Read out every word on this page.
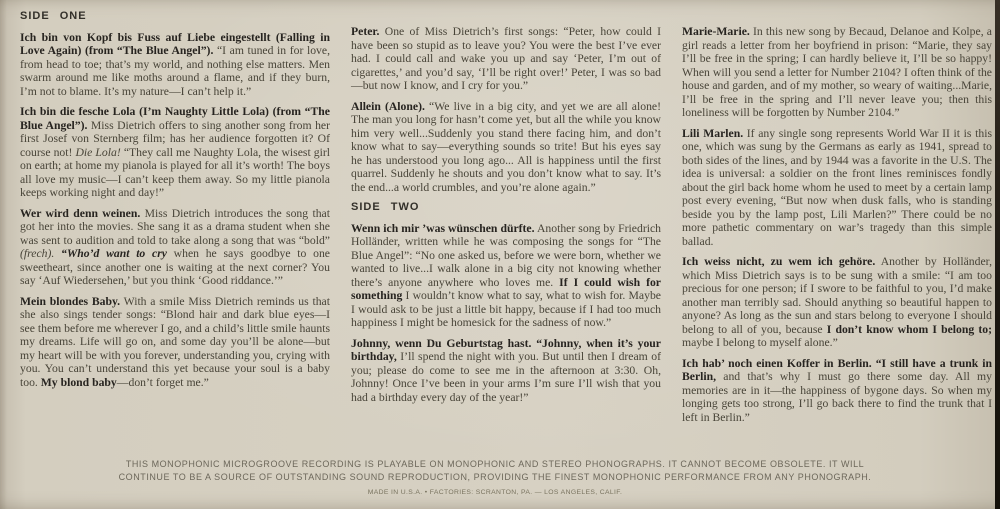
SIDE ONE

Ich bin von Kopf bis Fuss auf Liebe eingestellt (Falling in Love Again) (from “The Blue Angel”). “I am tuned in for love, from head to toe; that’s my world, and nothing else matters. Men swarm around me like moths around a flame, and if they burn, I’m not to blame. It’s my nature—I can’t help it.”

Ich bin die fesche Lola (I’m Naughty Little Lola) (from “The Blue Angel”). Miss Dietrich offers to sing another song from her first Josef von Sternberg film; has her audience forgotten it? Of course not! Die Lola! “They call me Naughty Lola, the wisest girl on earth; at home my pianola is played for all it’s worth! The boys all love my music—I can’t keep them away. So my little pianola keeps working night and day!”

Wer wird denn weinen. Miss Dietrich introduces the song that got her into the movies. She sang it as a drama student when she was sent to audition and told to take along a song that was “bold” (frech). “Who’d want to cry when he says goodbye to one sweetheart, since another one is waiting at the next corner? You say ‘Auf Wiedersehen,’ but you think ‘Good riddance.’”

Mein blondes Baby. With a smile Miss Dietrich reminds us that she also sings tender songs: “Blond hair and dark blue eyes—I see them before me wherever I go, and a child’s little smile haunts my dreams. Life will go on, and some day you’ll be alone—but my heart will be with you forever, understanding you, crying with you. You can’t understand this yet because your soul is a baby too. My blond baby—don’t forget me.”

Peter. One of Miss Dietrich’s first songs: “Peter, how could I have been so stupid as to leave you? You were the best I’ve ever had. I could call and wake you up and say ‘Peter, I’m out of cigarettes,’ and you’d say, ‘I’ll be right over!’ Peter, I was so bad—but now I know, and I cry for you.”

Allein (Alone). “We live in a big city, and yet we are all alone! The man you long for hasn’t come yet, but all the while you know him very well...Suddenly you stand there facing him, and don’t know what to say—everything sounds so trite! But his eyes say he has understood you long ago... All is happiness until the first quarrel. Suddenly he shouts and you don’t know what to say. It’s the end...a world crumbles, and you’re alone again.”

SIDE TWO

Wenn ich mir ’was wünschen dürfte. Another song by Friedrich Holländer, written while he was composing the songs for “The Blue Angel”: “No one asked us, before we were born, whether we wanted to live...I walk alone in a big city not knowing whether there’s anyone anywhere who loves me. If I could wish for something I wouldn’t know what to say, what to wish for. Maybe I would ask to be just a little bit happy, because if I had too much happiness I might be homesick for the sadness of now.”

Johnny, wenn Du Geburtstag hast. “Johnny, when it’s your birthday, I’ll spend the night with you. But until then I dream of you; please do come to see me in the afternoon at 3:30. Oh, Johnny! Once I’ve been in your arms I’m sure I’ll wish that you had a birthday every day of the year!”

Marie-Marie. In this new song by Becaud, Delanoe and Kolpe, a girl reads a letter from her boyfriend in prison: “Marie, they say I’ll be free in the spring; I can hardly believe it, I’ll be so happy! When will you send a letter for Number 2104? I often think of the house and garden, and of my mother, so weary of waiting...Marie, I’ll be free in the spring and I’ll never leave you; then this loneliness will be forgotten by Number 2104.”

Lili Marlen. If any single song represents World War II it is this one, which was sung by the Germans as early as 1941, spread to both sides of the lines, and by 1944 was a favorite in the U.S. The idea is universal: a soldier on the front lines reminisces fondly about the girl back home whom he used to meet by a certain lamp post every evening, “But now when dusk falls, who is standing beside you by the lamp post, Lili Marlen?” There could be no more pathetic commentary on war’s tragedy than this simple ballad.

Ich weiss nicht, zu wem ich gehöre. Another by Holländer, which Miss Dietrich says is to be sung with a smile: “I am too precious for one person; if I swore to be faithful to you, I’d make another man terribly sad. Should anything so beautiful happen to anyone? As long as the sun and stars belong to everyone I should belong to all of you, because I don’t know whom I belong to; maybe I belong to myself alone.”

Ich hab’ noch einen Koffer in Berlin. “I still have a trunk in Berlin, and that’s why I must go there some day. All my memories are in it—the happiness of bygone days. So when my longing gets too strong, I’ll go back there to find the trunk that I left in Berlin.”

THIS MONOPHONIC MICROGROOVE RECORDING IS PLAYABLE ON MONOPHONIC AND STEREO PHONOGRAPHS. IT CANNOT BECOME OBSOLETE. IT WILL
CONTINUE TO BE A SOURCE OF OUTSTANDING SOUND REPRODUCTION, PROVIDING THE FINEST MONOPHONIC PERFORMANCE FROM ANY PHONOGRAPH.
MADE IN U.S.A. • FACTORIES: SCRANTON, PA. — LOS ANGELES, CALIF.
